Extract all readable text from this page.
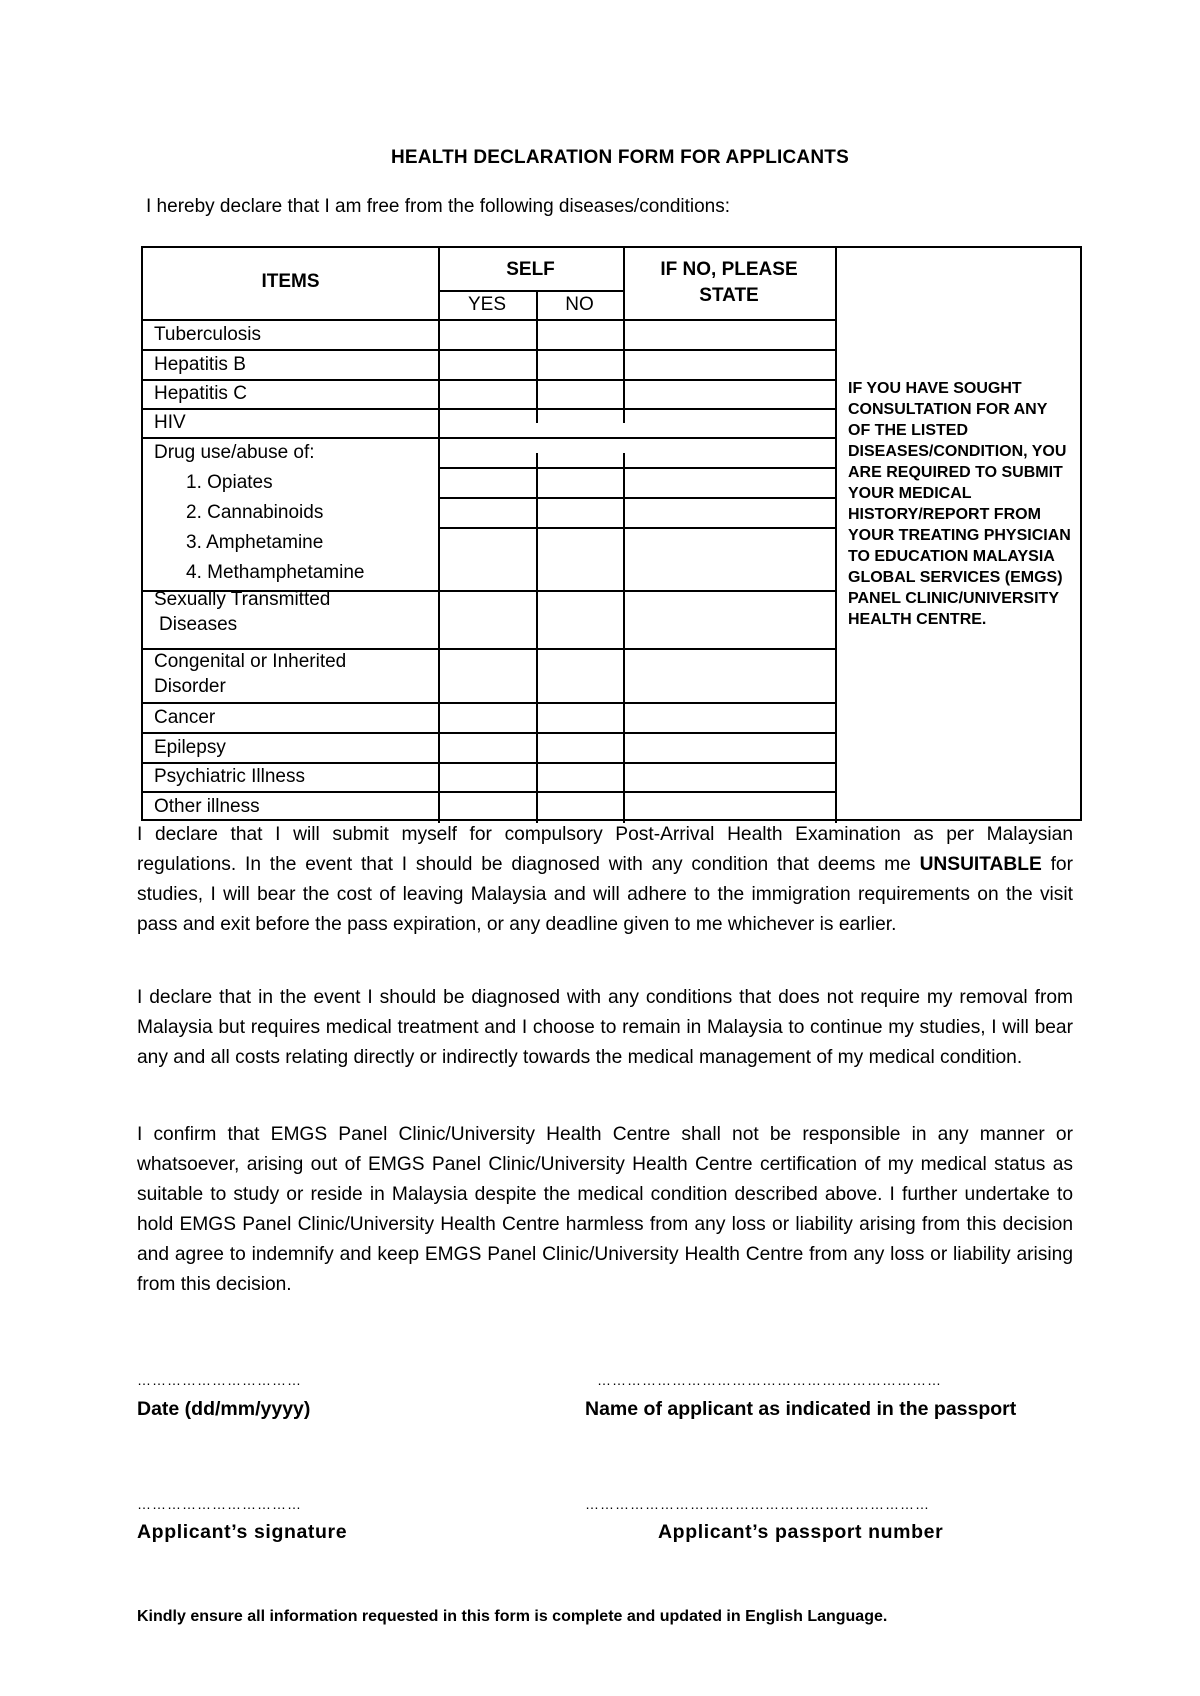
HEALTH DECLARATION FORM FOR APPLICANTS
I hereby declare that I am free from the following diseases/conditions:
ITEMS
SELF
YES	NO
IF NO, PLEASE
STATE
Tuberculosis
Hepatitis B
Hepatitis C
HIV
Drug use/abuse of:
1. Opiates
2. Cannabinoids
3. Amphetamine
4. Methamphetamine
Sexually Transmitted
Diseases
Congenital or Inherited
Disorder
Cancer
Epilepsy
Psychiatric Illness
Other illness
IF YOU HAVE SOUGHT CONSULTATION FOR ANY OF THE LISTED DISEASES/CONDITION, YOU ARE REQUIRED TO SUBMIT YOUR MEDICAL HISTORY/REPORT FROM YOUR TREATING PHYSICIAN TO EDUCATION MALAYSIA GLOBAL SERVICES (EMGS) PANEL CLINIC/UNIVERSITY HEALTH CENTRE.
I declare that I will submit myself for compulsory Post-Arrival Health Examination as per Malaysian regulations. In the event that I should be diagnosed with any condition that deems me UNSUITABLE for studies, I will bear the cost of leaving Malaysia and will adhere to the immigration requirements on the visit pass and exit before the pass expiration, or any deadline given to me whichever is earlier.
I declare that in the event I should be diagnosed with any conditions that does not require my removal from Malaysia but requires medical treatment and I choose to remain in Malaysia to continue my studies, I will bear any and all costs relating directly or indirectly towards the medical management of my medical condition.
I confirm that EMGS Panel Clinic/University Health Centre shall not be responsible in any manner or whatsoever, arising out of EMGS Panel Clinic/University Health Centre certification of my medical status as suitable to study or reside in Malaysia despite the medical condition described above. I further undertake to hold EMGS Panel Clinic/University Health Centre harmless from any loss or liability arising from this decision and agree to indemnify and keep EMGS Panel Clinic/University Health Centre from any loss or liability arising from this decision.
……………………………	……………………………………………………………
Date (dd/mm/yyyy)	Name of applicant as indicated in the passport
……………………………	……………………………………………………………
Applicant’s signature	Applicant’s passport number
Kindly ensure all information requested in this form is complete and updated in English Language.
